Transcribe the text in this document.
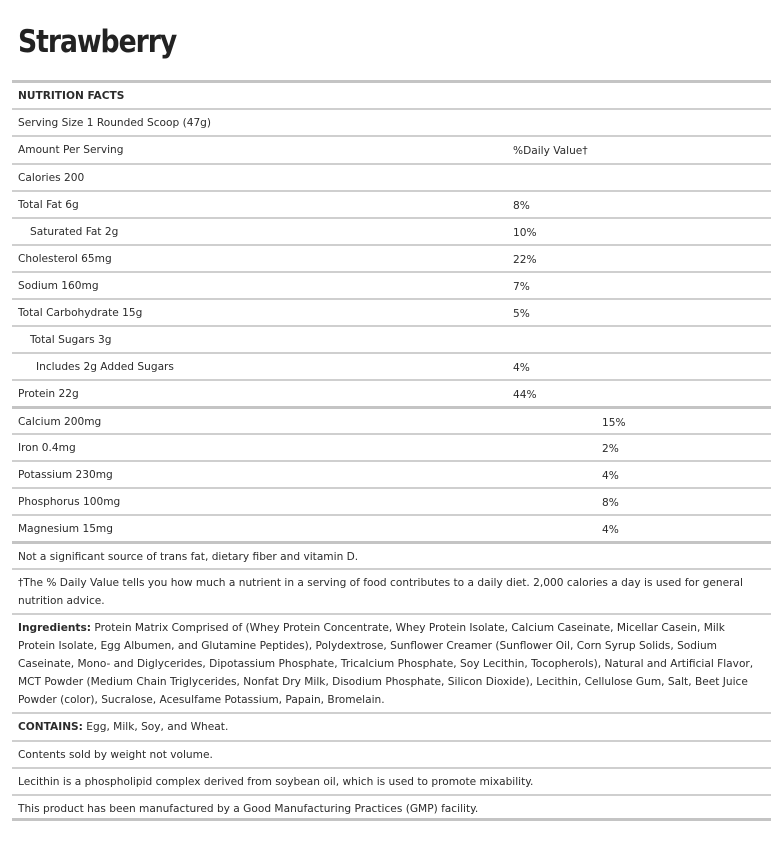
Strawberry
NUTRITION FACTS
Serving Size 1 Rounded Scoop (47g)
Amount Per Serving	%Daily Value†
Calories 200
Total Fat 6g	8%
Saturated Fat 2g	10%
Cholesterol 65mg	22%
Sodium 160mg	7%
Total Carbohydrate 15g	5%
Total Sugars 3g
Includes 2g Added Sugars	4%
Protein 22g	44%
Calcium 200mg	15%
Iron 0.4mg	2%
Potassium 230mg	4%
Phosphorus 100mg	8%
Magnesium 15mg	4%
Not a significant source of trans fat, dietary fiber and vitamin D.
†The % Daily Value tells you how much a nutrient in a serving of food contributes to a daily diet. 2,000 calories a day is used for general nutrition advice.
Ingredients: Protein Matrix Comprised of (Whey Protein Concentrate, Whey Protein Isolate, Calcium Caseinate, Micellar Casein, Milk Protein Isolate, Egg Albumen, and Glutamine Peptides), Polydextrose, Sunflower Creamer (Sunflower Oil, Corn Syrup Solids, Sodium Caseinate, Mono- and Diglycerides, Dipotassium Phosphate, Tricalcium Phosphate, Soy Lecithin, Tocopherols), Natural and Artificial Flavor, MCT Powder (Medium Chain Triglycerides, Nonfat Dry Milk, Disodium Phosphate, Silicon Dioxide), Lecithin, Cellulose Gum, Salt, Beet Juice Powder (color), Sucralose, Acesulfame Potassium, Papain, Bromelain.
CONTAINS: Egg, Milk, Soy, and Wheat.
Contents sold by weight not volume.
Lecithin is a phospholipid complex derived from soybean oil, which is used to promote mixability.
This product has been manufactured by a Good Manufacturing Practices (GMP) facility.
